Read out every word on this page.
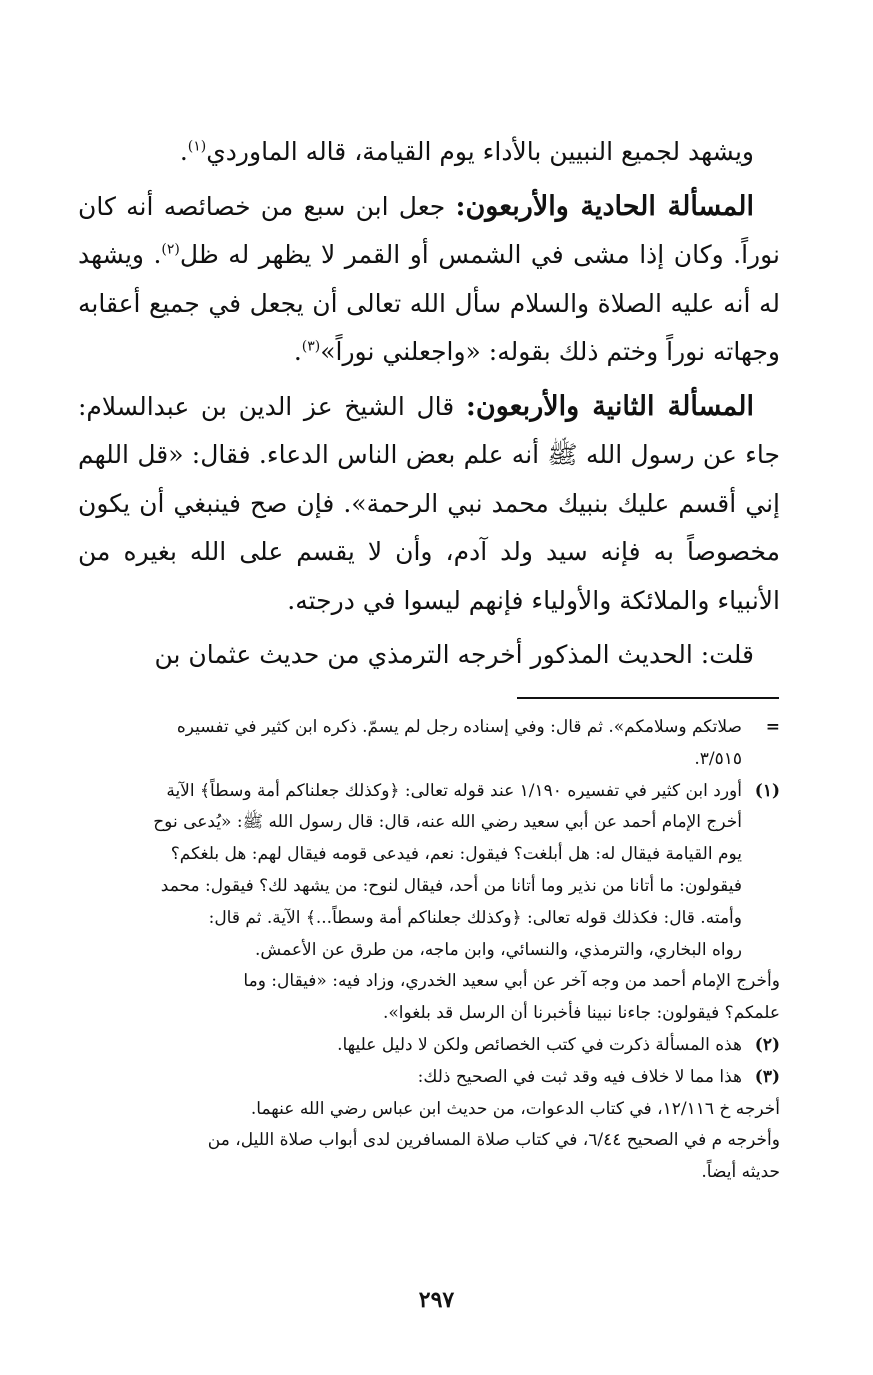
ويشهد لجميع النبيين بالأداء يوم القيامة، قاله الماوردي$^{(١)}$.

المسألة الحادية والأربعون: جعل ابن سبع من خصائصه أنه كان نوراً. وكان إذا مشى في الشمس أو القمر لا يظهر له ظل$^{(٢)}$. ويشهد له أنه عليه الصلاة والسلام سأل الله تعالى أن يجعل في جميع أعقابه وجهاته نوراً وختم ذلك بقوله: «واجعلني نوراً»$^{(٣)}$.

المسألة الثانية والأربعون: قال الشيخ عز الدين بن عبدالسلام: جاء عن رسول الله ﷺ أنه علم بعض الناس الدعاء. فقال: «قل اللهم إني أقسم عليك بنبيك محمد نبي الرحمة». فإن صح فينبغي أن يكون مخصوصاً به فإنه سيد ولد آدم، وأن لا يقسم على الله بغيره من الأنبياء والملائكة والأولياء فإنهم ليسوا في درجته.

قلت: الحديث المذكور أخرجه الترمذي من حديث عثمان بن

=
صلاتكم وسلامكم». ثم قال: وفي إسناده رجل لم يسمّ. ذكره ابن كثير في تفسيره
٣/٥١٥.
(١)
أورد ابن كثير في تفسيره ١/١٩٠ عند قوله تعالى: ﴿وكذلك جعلناكم أمة وسطاً﴾ الآية
أخرج الإمام أحمد عن أبي سعيد رضي الله عنه، قال: قال رسول الله ﷺ: «يُدعى نوح
يوم القيامة فيقال له: هل أبلغت؟ فيقول: نعم، فيدعى قومه فيقال لهم: هل بلغكم؟
فيقولون: ما أتانا من نذير وما أتانا من أحد، فيقال لنوح: من يشهد لك؟ فيقول: محمد
وأمته. قال: فكذلك قوله تعالى: ﴿وكذلك جعلناكم أمة وسطاً...﴾ الآية. ثم قال:
رواه البخاري، والترمذي، والنسائي، وابن ماجه، من طرق عن الأعمش.
وأخرج الإمام أحمد من وجه آخر عن أبي سعيد الخدري، وزاد فيه: «فيقال: وما
علمكم؟ فيقولون: جاءنا نبينا فأخبرنا أن الرسل قد بلغوا».
(٢)
هذه المسألة ذكرت في كتب الخصائص ولكن لا دليل عليها.
(٣)
هذا مما لا خلاف فيه وقد ثبت في الصحيح ذلك:
أخرجه خ ١٢/١١٦، في كتاب الدعوات، من حديث ابن عباس رضي الله عنهما.
وأخرجه م في الصحيح ٦/٤٤، في كتاب صلاة المسافرين لدى أبواب صلاة الليل، من
حديثه أيضاً.
٢٩٧
